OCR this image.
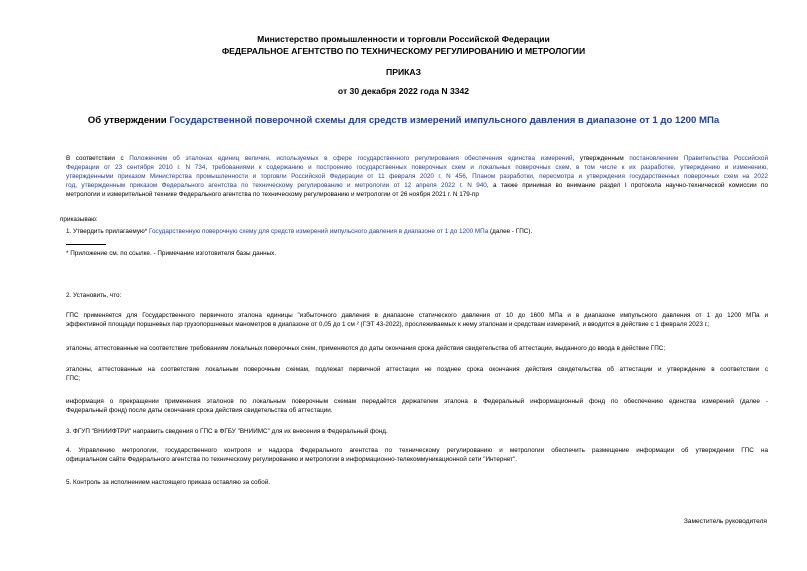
Министерство промышленности и торговли Российской Федерации
ФЕДЕРАЛЬНОЕ АГЕНТСТВО ПО ТЕХНИЧЕСКОМУ РЕГУЛИРОВАНИЮ И МЕТРОЛОГИИ
ПРИКАЗ
от 30 декабря 2022 года N 3342
Об утверждении Государственной поверочной схемы для средств измерений импульсного давления в диапазоне от 1 до 1200 МПа
В соответствии с Положением об эталонах единиц величин, используемых в сфере государственного регулирования обеспечения единства измерений, утвержденным постановлением Правительства Российской
Федерации от 23 сентября 2010 г. N 734, требованиями к содержанию и построению государственных поверочных схем и локальных поверочных схем, в том числе к их разработке, утверждению и изменению,
утвержденными приказом Министерства промышленности и торговли Российской Федерации от 11 февраля 2020 г. N 456, Планом разработки, пересмотра и утверждения государственных поверочных схем на 2022
год, утвержденным приказом Федерального агентства по техническому регулированию и метрологии от 12 апреля 2022 г. N 940, а также принимая во внимание раздел I протокола научно-технической комиссии по
метрологии и измерительной технике Федерального агентства по техническому регулированию и метрологии от 26 ноября 2021 г. N 179-пр
приказываю:
1. Утвердить прилагаемую* Государственную поверочную схему для средств измерений импульсного давления в диапазоне от 1 до 1200 МПа (далее - ГПС).
* Приложение см. по ссылке. - Примечание изготовителя базы данных.
2. Установить, что:
ГПС применяется для Государственного первичного эталона единицы "избыточного давления в диапазоне статического давления от 10 до 1600 МПа и в диапазоне импульсного давления от 1 до 1200 МПа и
эффективной площади поршневых пар грузопоршневых манометров в диапазоне от 0,05 до 1 см ² (ГЭТ 43-2022), прослеживаемых к нему эталонам и средствам измерений, и вводится в действие с 1 февраля 2023 г.;
эталоны, аттестованные на соответствие требованиям локальных поверочных схем, применяются до даты окончания срока действия свидетельства об аттестации, выданного до ввода в действие ГПС;
эталоны, аттестованные на соответствие локальным поверочным схемам, подлежат первичной аттестации не позднее срока окончания действия свидетельства об аттестации и утверждение в соответствии с
ГПС;
информация о прекращении применения эталонов по локальным поверочным схемам передаётся держателем эталона в Федеральный информационный фонд по обеспечению единства измерений (далее -
Федеральный фонд) после даты окончания срока действия свидетельства об аттестации.
3. ФГУП "ВНИИФТРИ" направить сведения о ГПС в ФГБУ "ВНИИМС" для их внесения в Федеральный фонд.
4. Управлению метрологии, государственного контроля и надзора Федерального агентства по техническому регулированию и метрологии обеспечить размещение информации об утверждении ГПС на
официальном сайте Федерального агентства по техническому регулированию и метрологии в информационно-телекоммуникационной сети "Интернет".
5. Контроль за исполнением настоящего приказа оставляю за собой.
Заместитель руководителя
